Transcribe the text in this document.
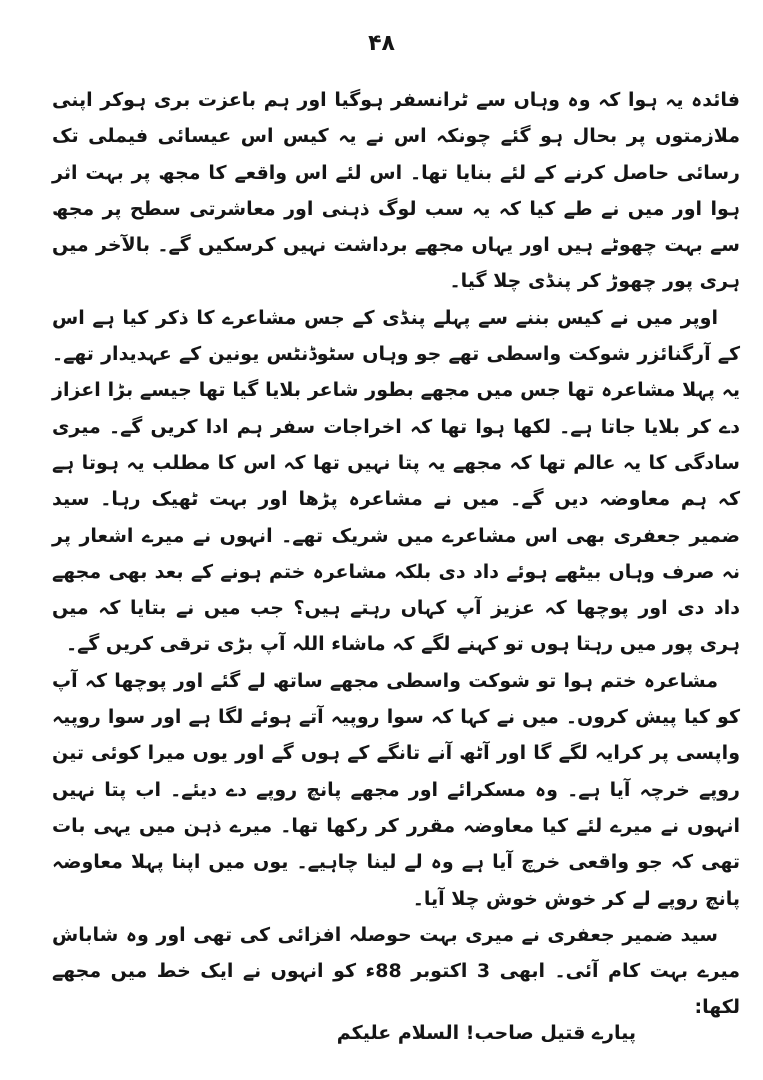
۴۸

فائدہ یہ ہوا کہ وہ وہاں سے ٹرانسفر ہوگیا اور ہم باعزت بری ہوکر اپنی ملازمتوں پر بحال ہو گئے چونکہ اس نے یہ کیس اس عیسائی فیملی تک رسائی حاصل کرنے کے لئے بنایا تھا۔ اس لئے اس واقعے کا مجھ پر بہت اثر ہوا اور میں نے طے کیا کہ یہ سب لوگ ذہنی اور معاشرتی سطح پر مجھ سے بہت چھوٹے ہیں اور یہاں مجھے برداشت نہیں کرسکیں گے۔ بالآخر میں ہری پور چھوڑ کر پنڈی چلا گیا۔

اوپر میں نے کیس بننے سے پہلے پنڈی کے جس مشاعرے کا ذکر کیا ہے اس کے آرگنائزر شوکت واسطی تھے جو وہاں سٹوڈنٹس یونین کے عہدیدار تھے۔ یہ پہلا مشاعرہ تھا جس میں مجھے بطور شاعر بلایا گیا تھا جیسے بڑا اعزاز دے کر بلایا جاتا ہے۔ لکھا ہوا تھا کہ اخراجات سفر ہم ادا کریں گے۔ میری سادگی کا یہ عالم تھا کہ مجھے یہ پتا نہیں تھا کہ اس کا مطلب یہ ہوتا ہے کہ ہم معاوضہ دیں گے۔ میں نے مشاعرہ پڑھا اور بہت ٹھیک رہا۔ سید ضمیر جعفری بھی اس مشاعرے میں شریک تھے۔ انہوں نے میرے اشعار پر نہ صرف وہاں بیٹھے ہوئے داد دی بلکہ مشاعرہ ختم ہونے کے بعد بھی مجھے داد دی اور پوچھا کہ عزیز آپ کہاں رہتے ہیں؟ جب میں نے بتایا کہ میں ہری پور میں رہتا ہوں تو کہنے لگے کہ ماشاء اللہ آپ بڑی ترقی کریں گے۔

مشاعرہ ختم ہوا تو شوکت واسطی مجھے ساتھ لے گئے اور پوچھا کہ آپ کو کیا پیش کروں۔ میں نے کہا کہ سوا روپیہ آتے ہوئے لگا ہے اور سوا روپیہ واپسی پر کرایہ لگے گا اور آٹھ آنے تانگے کے ہوں گے اور یوں میرا کوئی تین روپے خرچہ آیا ہے۔ وہ مسکرائے اور مجھے پانچ روپے دے دیئے۔ اب پتا نہیں انہوں نے میرے لئے کیا معاوضہ مقرر کر رکھا تھا۔ میرے ذہن میں یہی بات تھی کہ جو واقعی خرچ آیا ہے وہ لے لینا چاہیے۔ یوں میں اپنا پہلا معاوضہ پانچ روپے لے کر خوش خوش چلا آیا۔

سید ضمیر جعفری نے میری بہت حوصلہ افزائی کی تھی اور وہ شاباش میرے بہت کام آئی۔ ابھی 3 اکتوبر 88ء کو انہوں نے ایک خط میں مجھے لکھا:

پیارے قتیل صاحب! السلام علیکم
